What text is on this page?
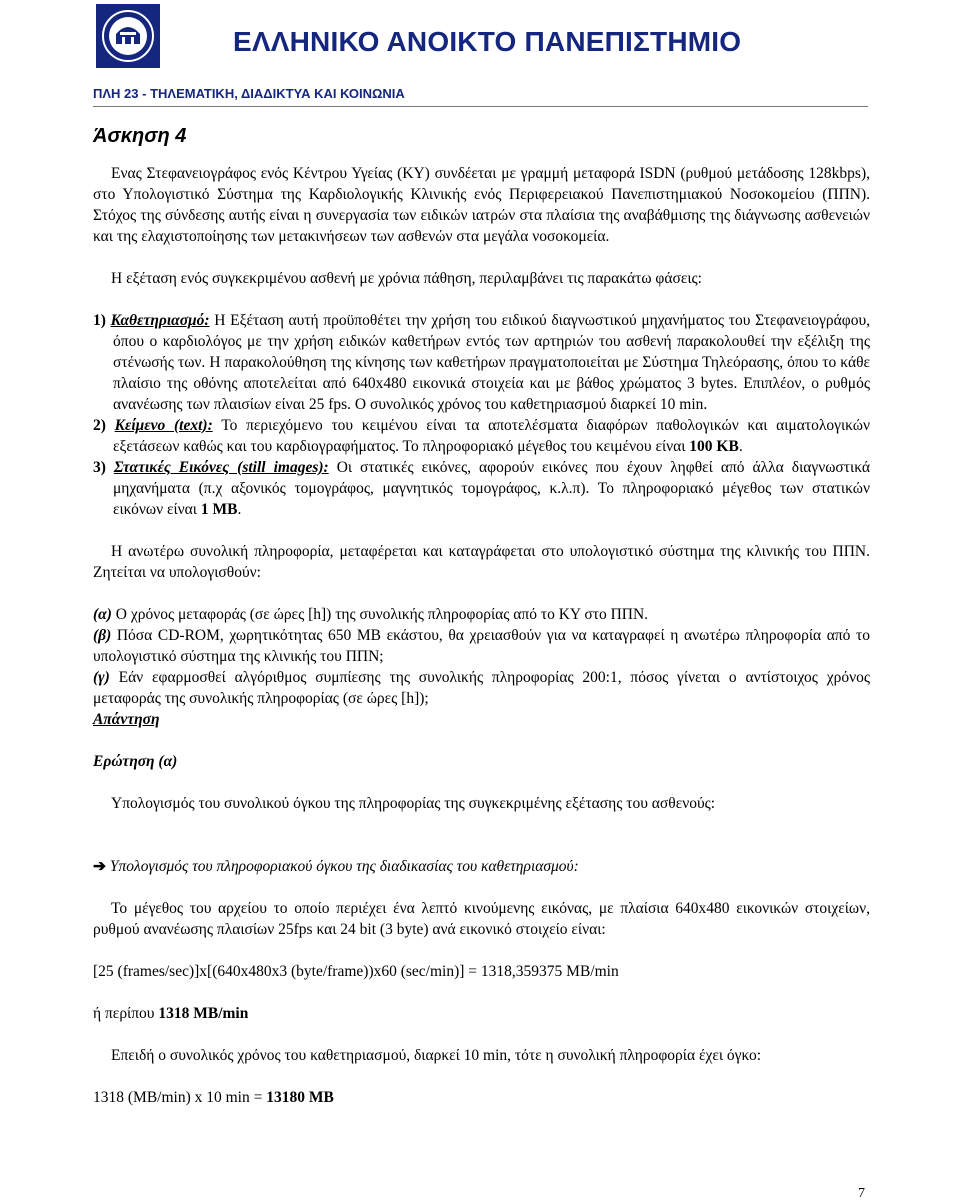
ΕΛΛΗΝΙΚΟ ΑΝΟΙΚΤΟ ΠΑΝΕΠΙΣΤΗΜΙΟ
ΠΛΗ 23 - ΤΗΛΕΜΑΤΙΚΗ, ΔΙΑΔΙΚΤΥΑ ΚΑΙ ΚΟΙΝΩΝΙΑ
Άσκηση 4

Ενας Στεφανειογράφος ενός Κέντρου Υγείας (ΚΥ) συνδέεται με γραμμή μεταφορά ISDN (ρυθμού μετάδοσης 128kbps), στο Υπολογιστικό Σύστημα της Καρδιολογικής Κλινικής ενός Περιφερειακού Πανεπιστημιακού Νοσοκομείου (ΠΠΝ). Στόχος της σύνδεσης αυτής είναι η συνεργασία των ειδικών ιατρών στα πλαίσια της αναβάθμισης της διάγνωσης ασθενειών και της ελαχιστοποίησης των μετακινήσεων των ασθενών στα μεγάλα νοσοκομεία.

Η εξέταση ενός συγκεκριμένου ασθενή με χρόνια πάθηση, περιλαμβάνει τις παρακάτω φάσεις:

1) Καθετηριασμό: Η Εξέταση αυτή προϋποθέτει την χρήση του ειδικού διαγνωστικού μηχανήματος του Στεφανειογράφου, όπου ο καρδιολόγος με την χρήση ειδικών καθετήρων εντός των αρτηριών του ασθενή παρακολουθεί την εξέλιξη της στένωσής των. Η παρακολούθηση της κίνησης των καθετήρων πραγματοποιείται με Σύστημα Τηλεόρασης, όπου το κάθε πλαίσιο της οθόνης αποτελείται από 640x480 εικονικά στοιχεία και με βάθος χρώματος 3 bytes. Επιπλέον, ο ρυθμός ανανέωσης των πλαισίων είναι 25 fps. Ο συνολικός χρόνος του καθετηριασμού διαρκεί 10 min.

2) Κείμενο (text): Το περιεχόμενο του κειμένου είναι τα αποτελέσματα διαφόρων παθολογικών και αιματολογικών εξετάσεων καθώς και του καρδιογραφήματος. Το πληροφοριακό μέγεθος του κειμένου είναι 100 KB.

3) Στατικές Εικόνες (still images): Οι στατικές εικόνες, αφορούν εικόνες που έχουν ληφθεί από άλλα διαγνωστικά μηχανήματα (π.χ αξονικός τομογράφος, μαγνητικός τομογράφος, κ.λ.π). Το πληροφοριακό μέγεθος των στατικών εικόνων είναι 1 MB.

Η ανωτέρω συνολική πληροφορία, μεταφέρεται και καταγράφεται στο υπολογιστικό σύστημα της κλινικής του ΠΠΝ. Ζητείται να υπολογισθούν:

(α) Ο χρόνος μεταφοράς (σε ώρες [h]) της συνολικής πληροφορίας από το ΚΥ στο ΠΠΝ.

(β) Πόσα CD-ROM, χωρητικότητας 650 MB εκάστου, θα χρειασθούν για να καταγραφεί η ανωτέρω πληροφορία από το υπολογιστικό σύστημα της κλινικής του ΠΠΝ;

(γ) Εάν εφαρμοσθεί αλγόριθμος συμπίεσης της συνολικής πληροφορίας 200:1, πόσος γίνεται ο αντίστοιχος χρόνος μεταφοράς της συνολικής πληροφορίας (σε ώρες [h]);

Απάντηση

Ερώτηση (α)

Υπολογισμός του συνολικού όγκου της πληροφορίας της συγκεκριμένης εξέτασης του ασθενούς:

➔ Υπολογισμός του πληροφοριακού όγκου της διαδικασίας του καθετηριασμού:

Το μέγεθος του αρχείου το οποίο περιέχει ένα λεπτό κινούμενης εικόνας, με πλαίσια 640x480 εικονικών στοιχείων, ρυθμού ανανέωσης πλαισίων 25fps και 24 bit (3 byte) ανά εικονικό στοιχείο είναι:

[25 (frames/sec)]x[(640x480x3 (byte/frame))x60 (sec/min)] = 1318,359375 MB/min

ή περίπου 1318 MB/min

Επειδή ο συνολικός χρόνος του καθετηριασμού, διαρκεί 10 min, τότε η συνολική πληροφορία έχει όγκο:

1318 (MB/min) x 10 min = 13180 MB

7
